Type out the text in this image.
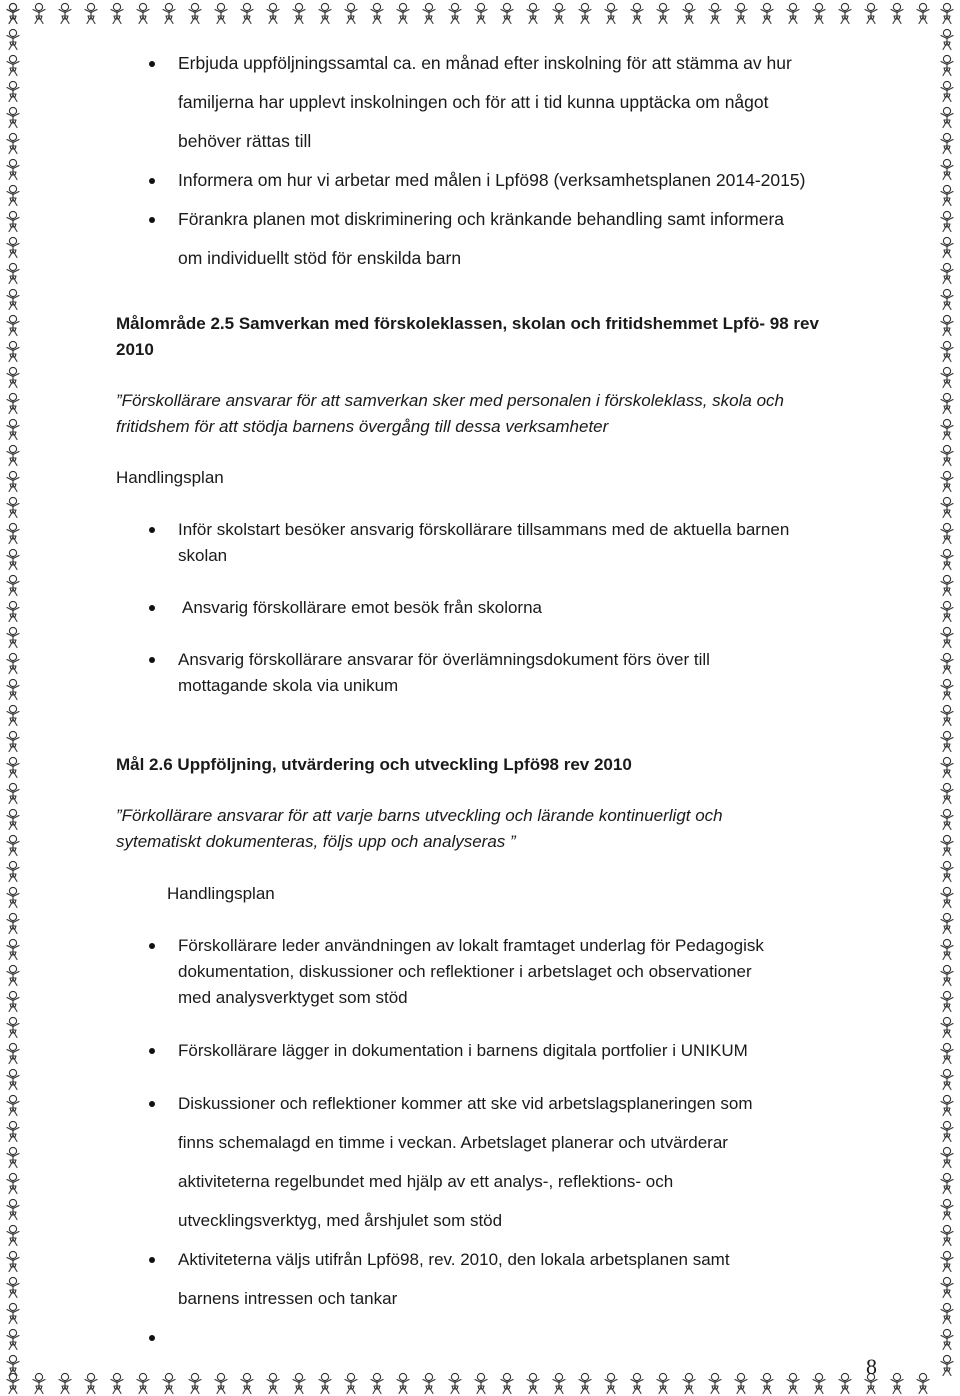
Erbjuda uppföljningssamtal ca. en månad efter inskolning för att stämma av hur
familjerna har upplevt inskolningen och för att i tid kunna upptäcka om något
behöver rättas till
Informera om hur vi arbetar med målen i Lpfö98 (verksamhetsplanen 2014-2015)
Förankra planen mot diskriminering och kränkande behandling samt informera
om individuellt stöd för enskilda barn
Målområde 2.5 Samverkan med förskoleklassen, skolan och fritidshemmet Lpfö- 98 rev
2010
”Förskollärare ansvarar för att samverkan sker med personalen i förskoleklass, skola och
fritidshem för att stödja barnens övergång till dessa verksamheter
Handlingsplan
Inför skolstart besöker ansvarig förskollärare tillsammans med de aktuella barnen
skolan
Ansvarig förskollärare emot besök från skolorna
Ansvarig förskollärare ansvarar för överlämningsdokument förs över till
mottagande skola via unikum
Mål 2.6 Uppföljning, utvärdering och utveckling Lpfö98 rev 2010
”Förkollärare ansvarar för att varje barns utveckling och lärande kontinuerligt och
sytematiskt dokumenteras, följs upp och analyseras ”
Handlingsplan
Förskollärare leder användningen av lokalt framtaget underlag för Pedagogisk
dokumentation, diskussioner och reflektioner i arbetslaget och observationer
med analysverktyget som stöd
Förskollärare lägger in dokumentation i barnens digitala portfolier i UNIKUM
Diskussioner och reflektioner kommer att ske vid arbetslagsplaneringen som
finns schemalagd en timme i veckan. Arbetslaget planerar och utvärderar
aktiviteterna regelbundet med hjälp av ett analys-, reflektions- och
utvecklingsverktyg, med årshjulet som stöd
Aktiviteterna väljs utifrån Lpfö98, rev. 2010, den lokala arbetsplanen samt
barnens intressen och tankar
8
